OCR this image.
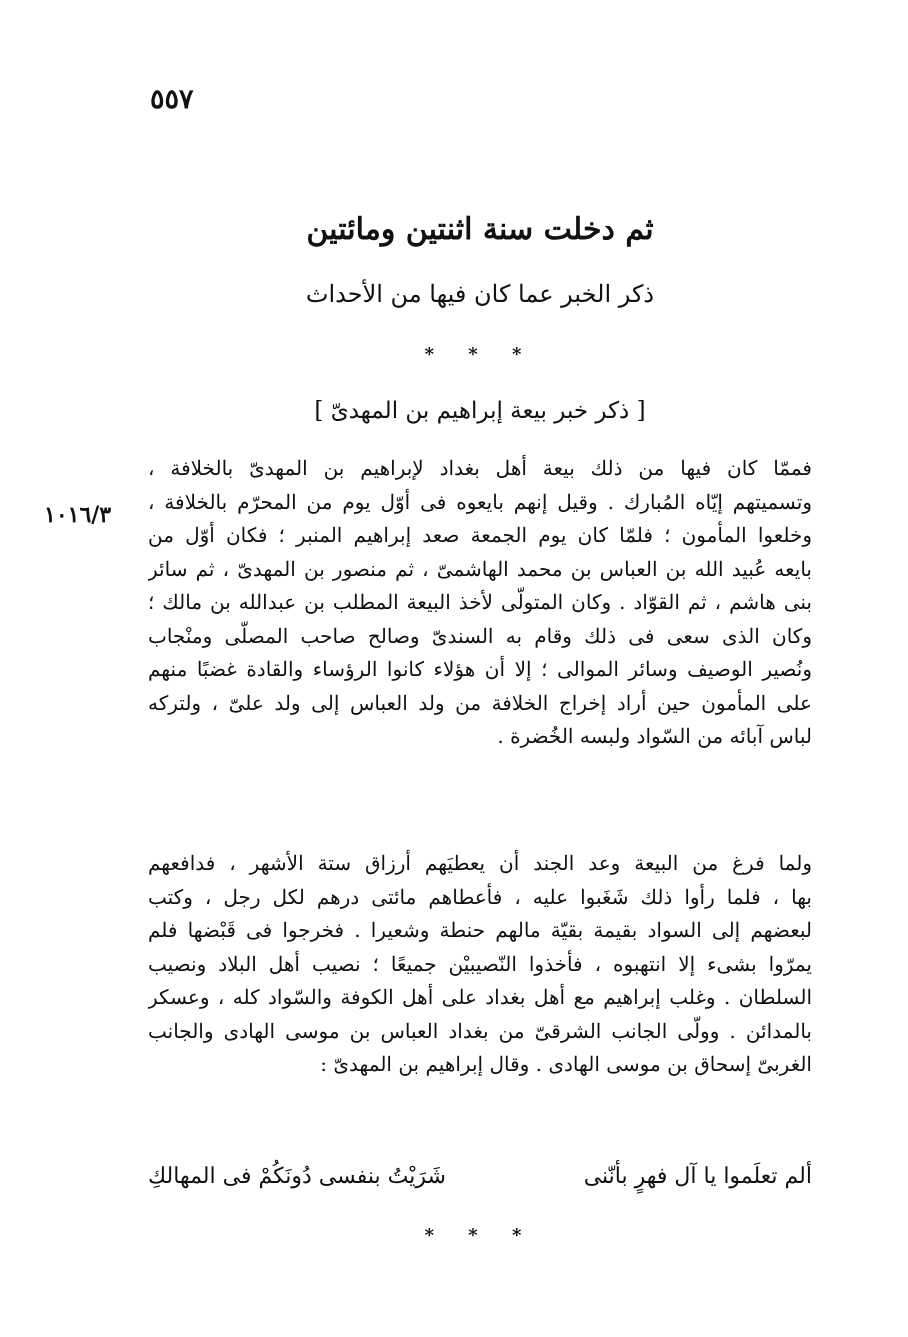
٥٥٧
١٠١٦/٣
ثم دخلت سنة اثنتين ومائتين
ذكر الخبر عما كان فيها من الأحداث
* * *
[ ذكر خبر بيعة إبراهيم بن المهدىّ ]
فممّا كان فيها من ذلك بيعة أهل بغداد لإبراهيم بن المهدىّ بالخلافة ،
وتسميتهم إيّاه المُبارك . وقيل إنهم بايعوه فى أوّل يوم من المحرّم بالخلافة ،
وخلعوا المأمون ؛ فلمّا كان يوم الجمعة صعد إبراهيم المنبر ؛ فكان أوّل من
بايعه عُبيد الله بن العباس بن محمد الهاشمىّ ، ثم منصور بن المهدىّ ، ثم سائر
بنى هاشم ، ثم القوّاد . وكان المتولّى لأخذ البيعة المطلب بن عبدالله بن مالك ؛
وكان الذى سعى فى ذلك وقام به السندىّ وصالح صاحب المصلّى ومنْجاب
ونُصير الوصيف وسائر الموالى ؛ إلا أن هؤلاء كانوا الرؤساء والقادة غضبًا منهم
على المأمون حين أراد إخراج الخلافة من ولد العباس إلى ولد علىّ ، ولتركه
لباس آبائه من السّواد ولبسه الخُضرة .
ولما فرغ من البيعة وعد الجند أن يعطيَهم أرزاق ستة الأشهر ، فدافعهم
بها ، فلما رأوا ذلك شَغَبوا عليه ، فأعطاهم مائتى درهم لكل رجل ، وكتب
لبعضهم إلى السواد بقيمة بقيّة مالهم حنطة وشعيرا . فخرجوا فى قَبْضها فلم
يمرّوا بشىء إلا انتهبوه ، فأخذوا النّصيبيْن جميعًا ؛ نصيب أهل البلاد ونصيب
السلطان . وغلب إبراهيم مع أهل بغداد على أهل الكوفة والسّواد كله ، وعسكر
بالمدائن . وولّى الجانب الشرقىّ من بغداد العباس بن موسى الهادى والجانب
الغربىّ إسحاق بن موسى الهادى . وقال إبراهيم بن المهدىّ :
ألم تعلَموا يا آل فهرٍ بأنّنى
شَرَيْتُ بنفسى دُونَكُمْ فى المهالكِ
* * *
